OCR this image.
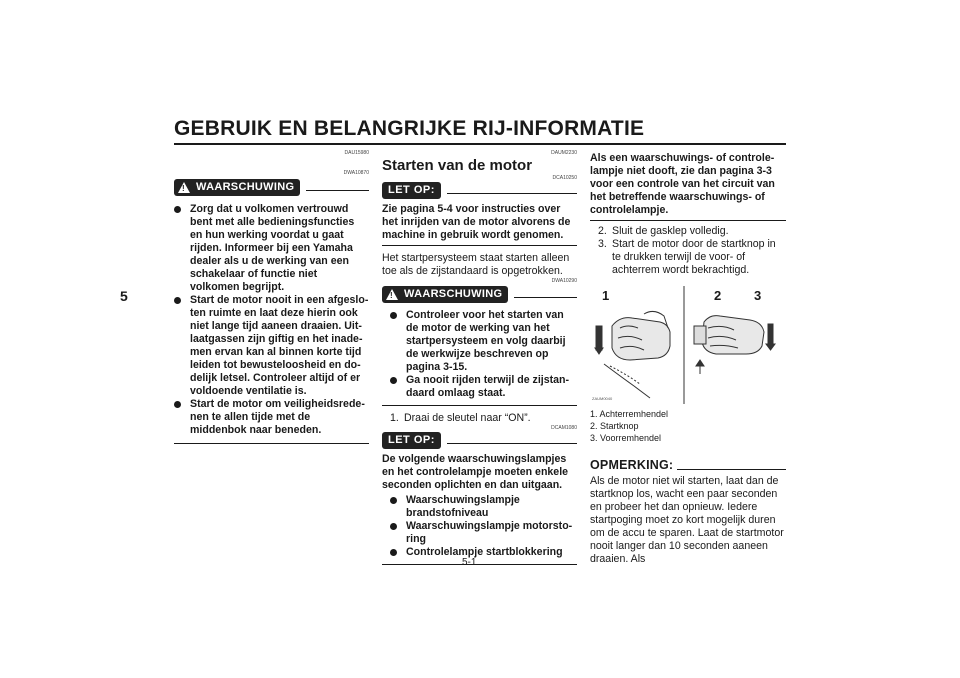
GEBRUIK EN BELANGRIJKE RIJ-INFORMATIE
5
DAU15980
DWA10870
! WAARSCHUWING
Zorg dat u volkomen vertrouwd bent met alle bedieningsfuncties en hun werking voordat u gaat rijden. Informeer bij een Yamaha dealer als u de werking van een schakelaar of functie niet volkomen begrijpt.
Start de motor nooit in een afgesloten ruimte en laat deze hierin ook niet lange tijd aaneen draaien. Uitlaatgassen zijn giftig en het inademen ervan kan al binnen korte tijd leiden tot bewusteloosheid en dodelijk letsel. Controleer altijd of er voldoende ventilatie is.
Start de motor om veiligheidsredenen te allen tijde met de middenbok naar beneden.
DAUM2230
Starten van de motor
DCA10250
LET OP:
Zie pagina 5-4 voor instructies over het inrijden van de motor alvorens de machine in gebruik wordt genomen.
Het startpersysteem staat starten alleen toe als de zijstandaard is opgetrokken.
DWA10290
! WAARSCHUWING
Controleer voor het starten van de motor de werking van het startpersysteem en volg daarbij de werkwijze beschreven op pagina 3-15.
Ga nooit rijden terwijl de zijstandaard omlaag staat.
1. Draai de sleutel naar “ON”.
DCAM1080
LET OP:
De volgende waarschuwingslampjes en het controlelampje moeten enkele seconden oplichten en dan uitgaan.
Waarschuwingslampje brandstofniveau
Waarschuwingslampje motorstoring
Controlelampje startblokkering
Als een waarschuwings- of controlelampje niet dooft, zie dan pagina 3-3 voor een controle van het circuit van het betreffende waarschuwings- of controlelampje.
2. Sluit de gasklep volledig.
3. Start de motor door de startknop in te drukken terwijl de voor- of achterrem wordt bekrachtigd.
1	2	3
ZAUM0040
1. Achterremhendel
2. Startknop
3. Voorremhendel
OPMERKING:
Als de motor niet wil starten, laat dan de startknop los, wacht een paar seconden en probeer het dan opnieuw. Iedere startpoging moet zo kort mogelijk duren om de accu te sparen. Laat de startmotor nooit langer dan 10 seconden aaneen draaien. Als
5-1
